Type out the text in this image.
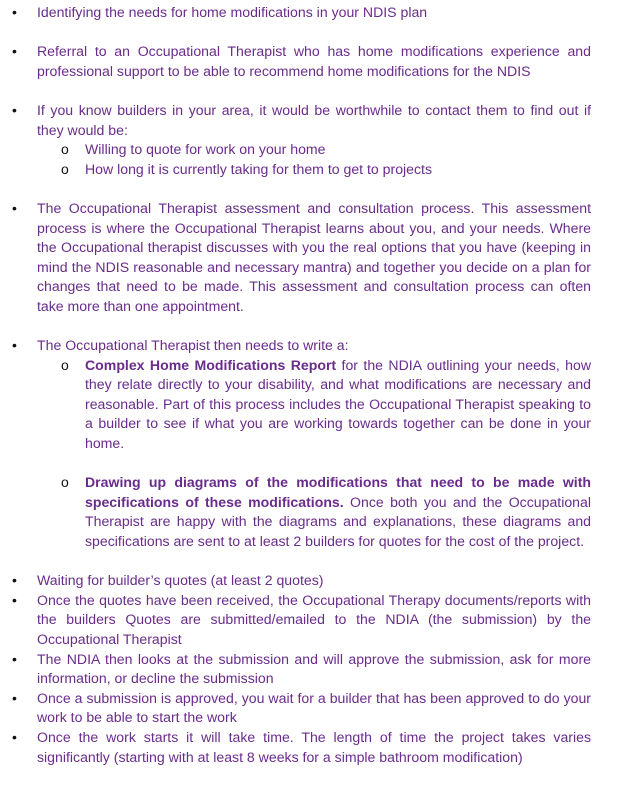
• Identifying the needs for home modifications in your NDIS plan
• Referral to an Occupational Therapist who has home modifications experience and professional support to be able to recommend home modifications for the NDIS
• If you know builders in your area, it would be worthwhile to contact them to find out if they would be:
o Willing to quote for work on your home
o How long it is currently taking for them to get to projects
• The Occupational Therapist assessment and consultation process. This assessment process is where the Occupational Therapist learns about you, and your needs. Where the Occupational therapist discusses with you the real options that you have (keeping in mind the NDIS reasonable and necessary mantra) and together you decide on a plan for changes that need to be made. This assessment and consultation process can often take more than one appointment.
• The Occupational Therapist then needs to write a:
o Complex Home Modifications Report for the NDIA outlining your needs, how they relate directly to your disability, and what modifications are necessary and reasonable. Part of this process includes the Occupational Therapist speaking to a builder to see if what you are working towards together can be done in your home.
o Drawing up diagrams of the modifications that need to be made with specifications of these modifications. Once both you and the Occupational Therapist are happy with the diagrams and explanations, these diagrams and specifications are sent to at least 2 builders for quotes for the cost of the project.
• Waiting for builder’s quotes (at least 2 quotes)
• Once the quotes have been received, the Occupational Therapy documents/reports with the builders Quotes are submitted/emailed to the NDIA (the submission) by the Occupational Therapist
• The NDIA then looks at the submission and will approve the submission, ask for more information, or decline the submission
• Once a submission is approved, you wait for a builder that has been approved to do your work to be able to start the work
• Once the work starts it will take time. The length of time the project takes varies significantly (starting with at least 8 weeks for a simple bathroom modification)
